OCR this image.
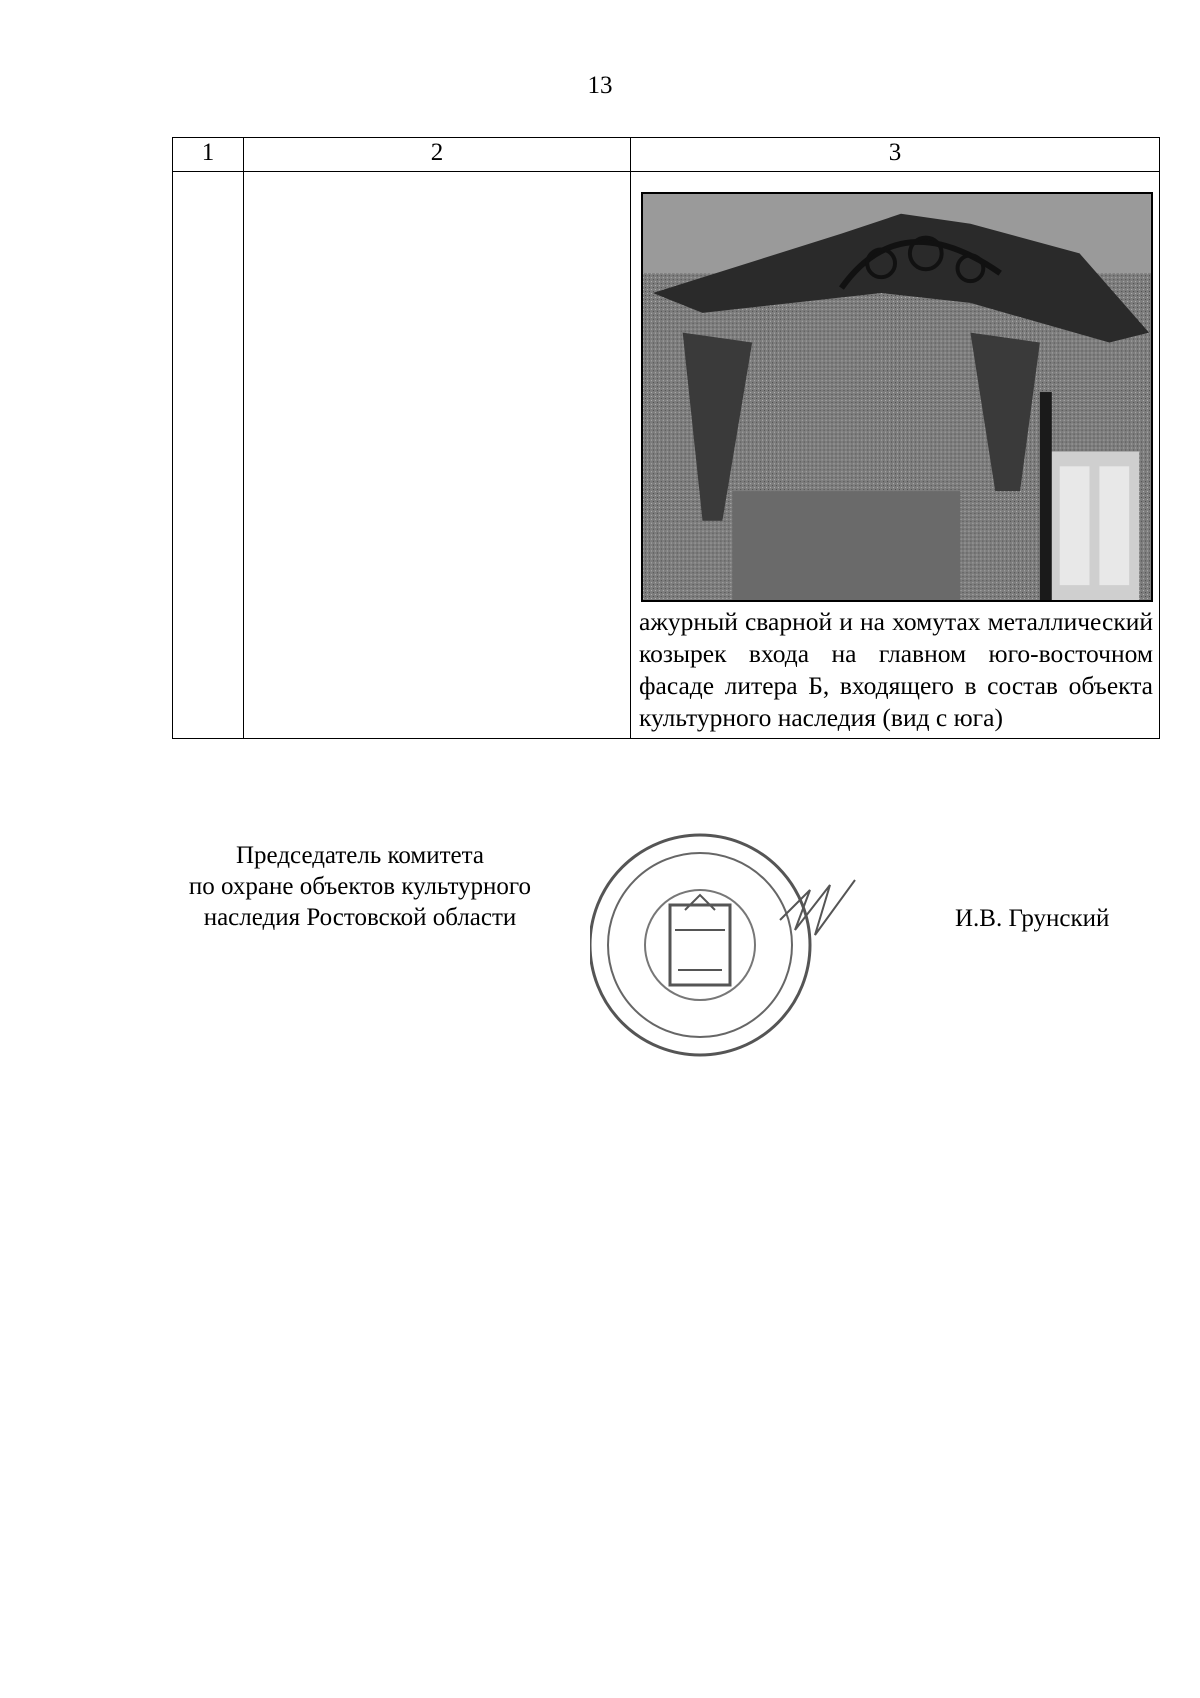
13
1	2	3

		ажурный сварной и на хомутах металлический козырек входа на главном юго-восточном фасаде литера Б, входящего в состав объекта культурного наследия (вид с юга)
Председатель комитета
по охране объектов культурного
наследия Ростовской области	И.В. Грунский
